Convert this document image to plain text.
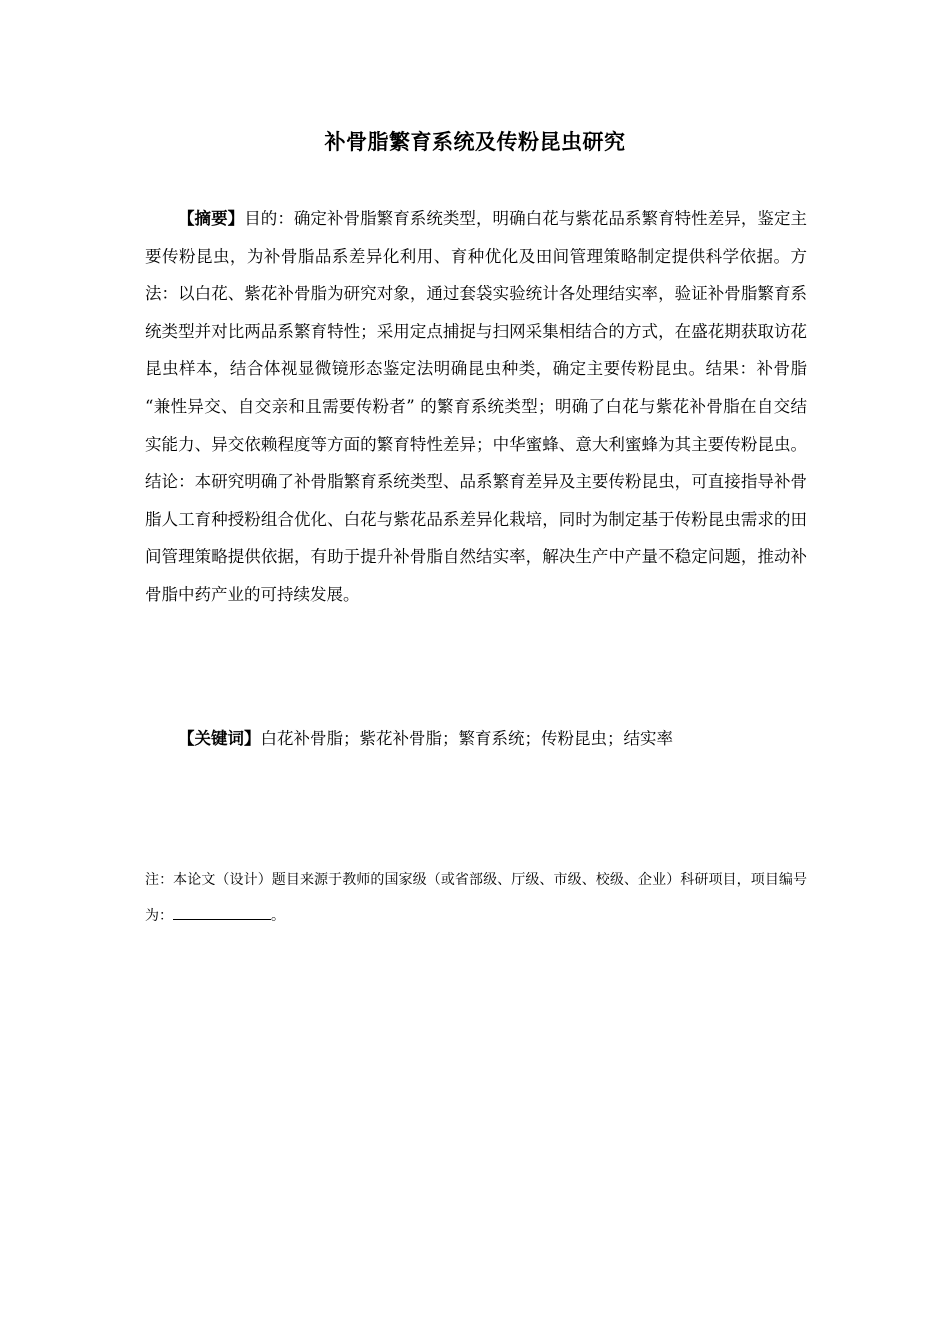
补骨脂繁育系统及传粉昆虫研究
【摘要】目的：确定补骨脂繁育系统类型，明确白花与紫花品系繁育特性差异，鉴定主要传粉昆虫，为补骨脂品系差异化利用、育种优化及田间管理策略制定提供科学依据。方法：以白花、紫花补骨脂为研究对象，通过套袋实验统计各处理结实率，验证补骨脂繁育系统类型并对比两品系繁育特性；采用定点捕捉与扫网采集相结合的方式，在盛花期获取访花昆虫样本，结合体视显微镜形态鉴定法明确昆虫种类，确定主要传粉昆虫。结果：补骨脂 “兼性异交、自交亲和且需要传粉者” 的繁育系统类型；明确了白花与紫花补骨脂在自交结实能力、异交依赖程度等方面的繁育特性差异；中华蜜蜂、意大利蜜蜂为其主要传粉昆虫。结论：本研究明确了补骨脂繁育系统类型、品系繁育差异及主要传粉昆虫，可直接指导补骨脂人工育种授粉组合优化、白花与紫花品系差异化栽培，同时为制定基于传粉昆虫需求的田间管理策略提供依据，有助于提升补骨脂自然结实率，解决生产中产量不稳定问题，推动补骨脂中药产业的可持续发展。
【关键词】白花补骨脂；紫花补骨脂；繁育系统；传粉昆虫；结实率
注：本论文（设计）题目来源于教师的国家级（或省部级、厅级、市级、校级、企业）科研项目，项目编号为：	。
